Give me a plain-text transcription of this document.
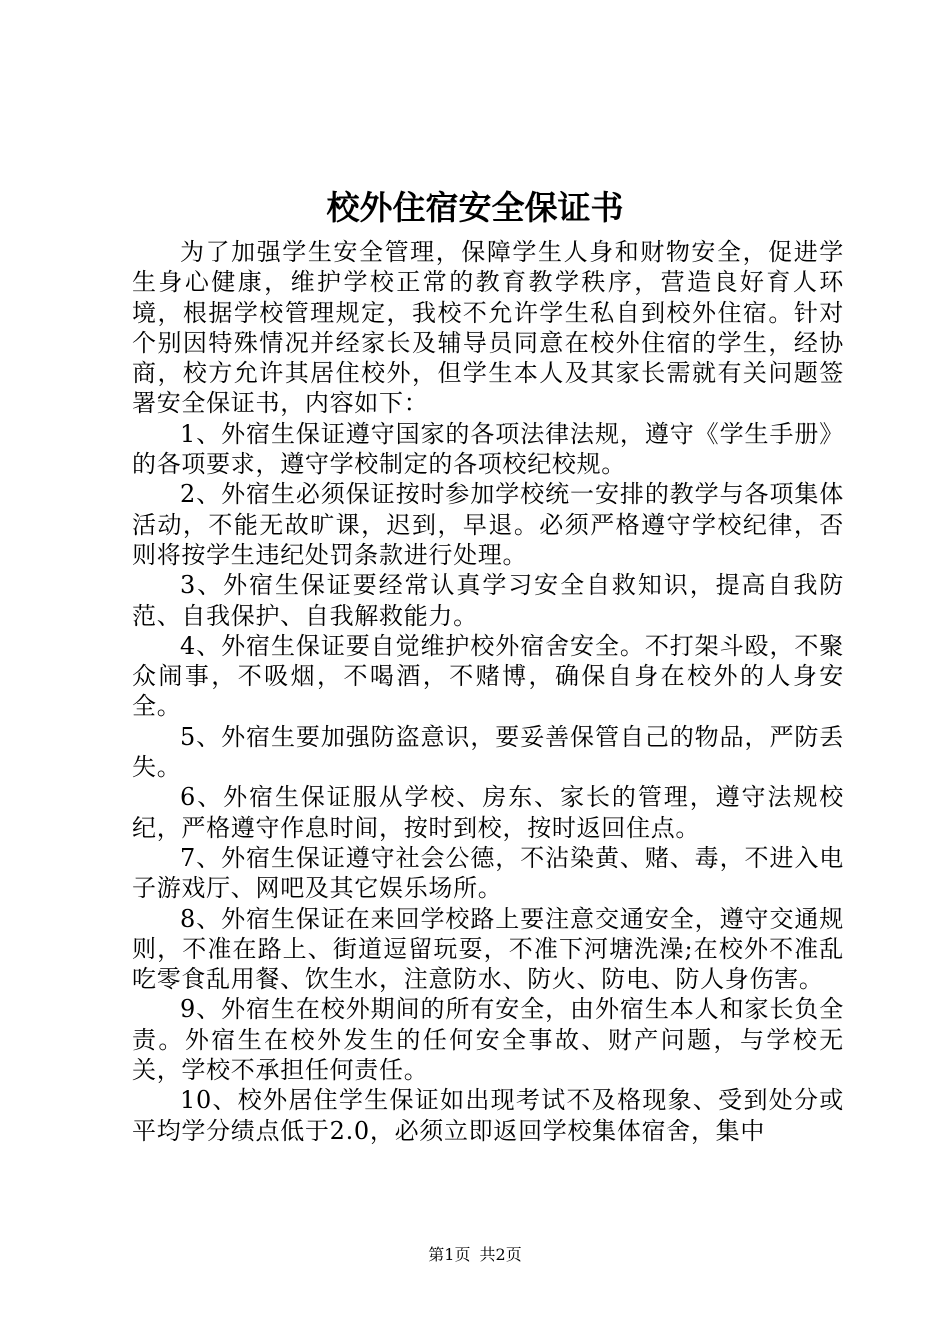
校外住宿安全保证书

为了加强学生安全管理，保障学生人身和财物安全，促进学生身心健康，维护学校正常的教育教学秩序，营造良好育人环境，根据学校管理规定，我校不允许学生私自到校外住宿。针对个别因特殊情况并经家长及辅导员同意在校外住宿的学生，经协商，校方允许其居住校外，但学生本人及其家长需就有关问题签署安全保证书，内容如下：

1、外宿生保证遵守国家的各项法律法规，遵守《学生手册》的各项要求，遵守学校制定的各项校纪校规。

2、外宿生必须保证按时参加学校统一安排的教学与各项集体活动，不能无故旷课，迟到，早退。必须严格遵守学校纪律，否则将按学生违纪处罚条款进行处理。

3、外宿生保证要经常认真学习安全自救知识，提高自我防范、自我保护、自我解救能力。

4、外宿生保证要自觉维护校外宿舍安全。不打架斗殴，不聚众闹事，不吸烟，不喝酒，不赌博，确保自身在校外的人身安全。

5、外宿生要加强防盗意识，要妥善保管自己的物品，严防丢失。

6、外宿生保证服从学校、房东、家长的管理，遵守法规校纪，严格遵守作息时间，按时到校，按时返回住点。

7、外宿生保证遵守社会公德，不沾染黄、赌、毒，不进入电子游戏厅、网吧及其它娱乐场所。

8、外宿生保证在来回学校路上要注意交通安全，遵守交通规则，不准在路上、街道逗留玩耍，不准下河塘洗澡;在校外不准乱吃零食乱用餐、饮生水，注意防水、防火、防电、防人身伤害。

9、外宿生在校外期间的所有安全，由外宿生本人和家长负全责。外宿生在校外发生的任何安全事故、财产问题，与学校无关，学校不承担任何责任。

10、校外居住学生保证如出现考试不及格现象、受到处分或平均学分绩点低于2.0，必须立即返回学校集体宿舍，集中

第1页 共2页
